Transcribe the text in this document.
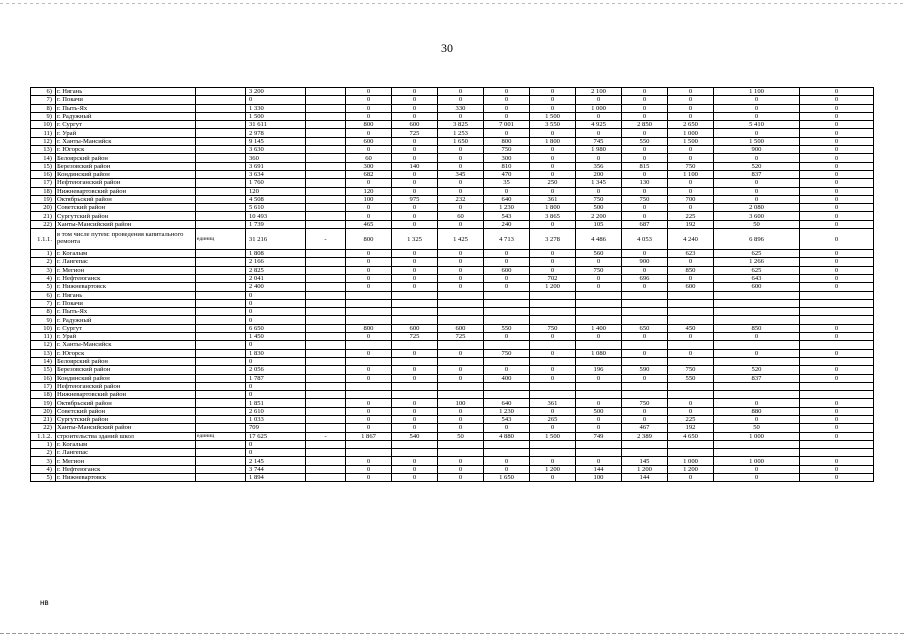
30
6)	г. Нягань		3 200		0	0	0	0	0	2 100	0	0	1 100	0
7)	г. Покачи		0		0	0	0	0	0	0	0	0	0	0
8)	г. Пыть-Ях		1 330		0	0	330	0	0	1 000	0	0	0	0
9)	г. Радужный		1 500		0	0	0	0	1 500	0	0	0	0	0
10)	г. Сургут		31 611		800	600	3 825	7 001	3 550	4 925	2 850	2 650	5 410	0
11)	г. Урай		2 978		0	725	1 253	0	0	0	0	1 000	0	0
12)	г. Ханты-Мансийск		9 145		600	0	1 650	800	1 800	745	550	1 500	1 500	0
13)	г. Югорск		3 630		0	0	0	750	0	1 980	0	0	900	0
14)	Белоярский район		360		60	0	0	300	0	0	0	0	0	0
15)	Березовский район		3 691		300	140	0	810	0	356	815	750	520	0
16)	Кондинский район		3 634		682	0	345	470	0	200	0	1 100	837	0
17)	Нефтеюганский район		1 760		0	0	0	35	250	1 345	130	0	0	0
18)	Нижневартовский район		120		120	0	0	0	0	0	0	0	0	0
19)	Октябрьский район		4 508		100	975	232	640	361	750	750	700	0	0
20)	Советский район		5 610		0	0	0	1 230	1 800	500	0	0	2 080	0
21)	Сургутский район		10 493		0	0	60	543	3 865	2 200	0	225	3 600	0
22)	Ханты-Мансийский район		1 739		465	0	0	240	0	105	687	192	50	0
1.1.1.	в том числе путем: проведения капитального ремонта	единиц	31 216	-	800	1 325	1 425	4 713	3 278	4 486	4 053	4 240	6 896	0
1)	г. Когалым		1 808		0	0	0	0	0	560	0	623	625	0
2)	г. Лангепас		2 166		0	0	0	0	0	0	900	0	1 266	0
3)	г. Мегион		2 825		0	0	0	600	0	750	0	850	625	0
4)	г. Нефтеюганск		2 041		0	0	0	0	702	0	696	0	643	0
5)	г. Нижневартовск		2 400		0	0	0	0	1 200	0	0	600	600	0
6)	г. Нягань		0											
7)	г. Покачи		0											
8)	г. Пыть-Ях		0											
9)	г. Радужный		0											
10)	г. Сургут		6 650		800	600	600	550	750	1 400	650	450	850	0
11)	г. Урай		1 450		0	725	725	0	0	0	0	0	0	0
12)	г. Ханты-Мансийск		0											
13)	г. Югорск		1 830		0	0	0	750	0	1 080	0	0	0	0
14)	Белоярский район		0											
15)	Березовский район		2 056		0	0	0	0	0	196	590	750	520	0
16)	Кондинский район		1 787		0	0	0	400	0	0	0	550	837	0
17)	Нефтеюганский район		0											
18)	Нижневартовский район		0											
19)	Октябрьский район		1 851		0	0	100	640	361	0	750	0	0	0
20)	Советский район		2 610		0	0	0	1 230	0	500	0	0	880	0
21)	Сургутский район		1 033		0	0	0	543	265	0	0	225	0	0
22)	Ханты-Мансийский район		709		0	0	0	0	0	0	467	192	50	0
1.1.2.	строительства зданий школ	единиц	17 625	-	1 867	540	50	4 880	1 500	749	2 389	4 650	1 000	0
1)	г. Когалым		0											
2)	г. Лангепас		0											
3)	г. Мегион		2 145		0	0	0	0	0	0	145	1 000	1 000	0
4)	г. Нефтеюганск		3 744		0	0	0	0	1 200	144	1 200	1 200	0	0
5)	г. Нижневартовск		1 894		0	0	0	1 650	0	100	144	0	0	0
нв
